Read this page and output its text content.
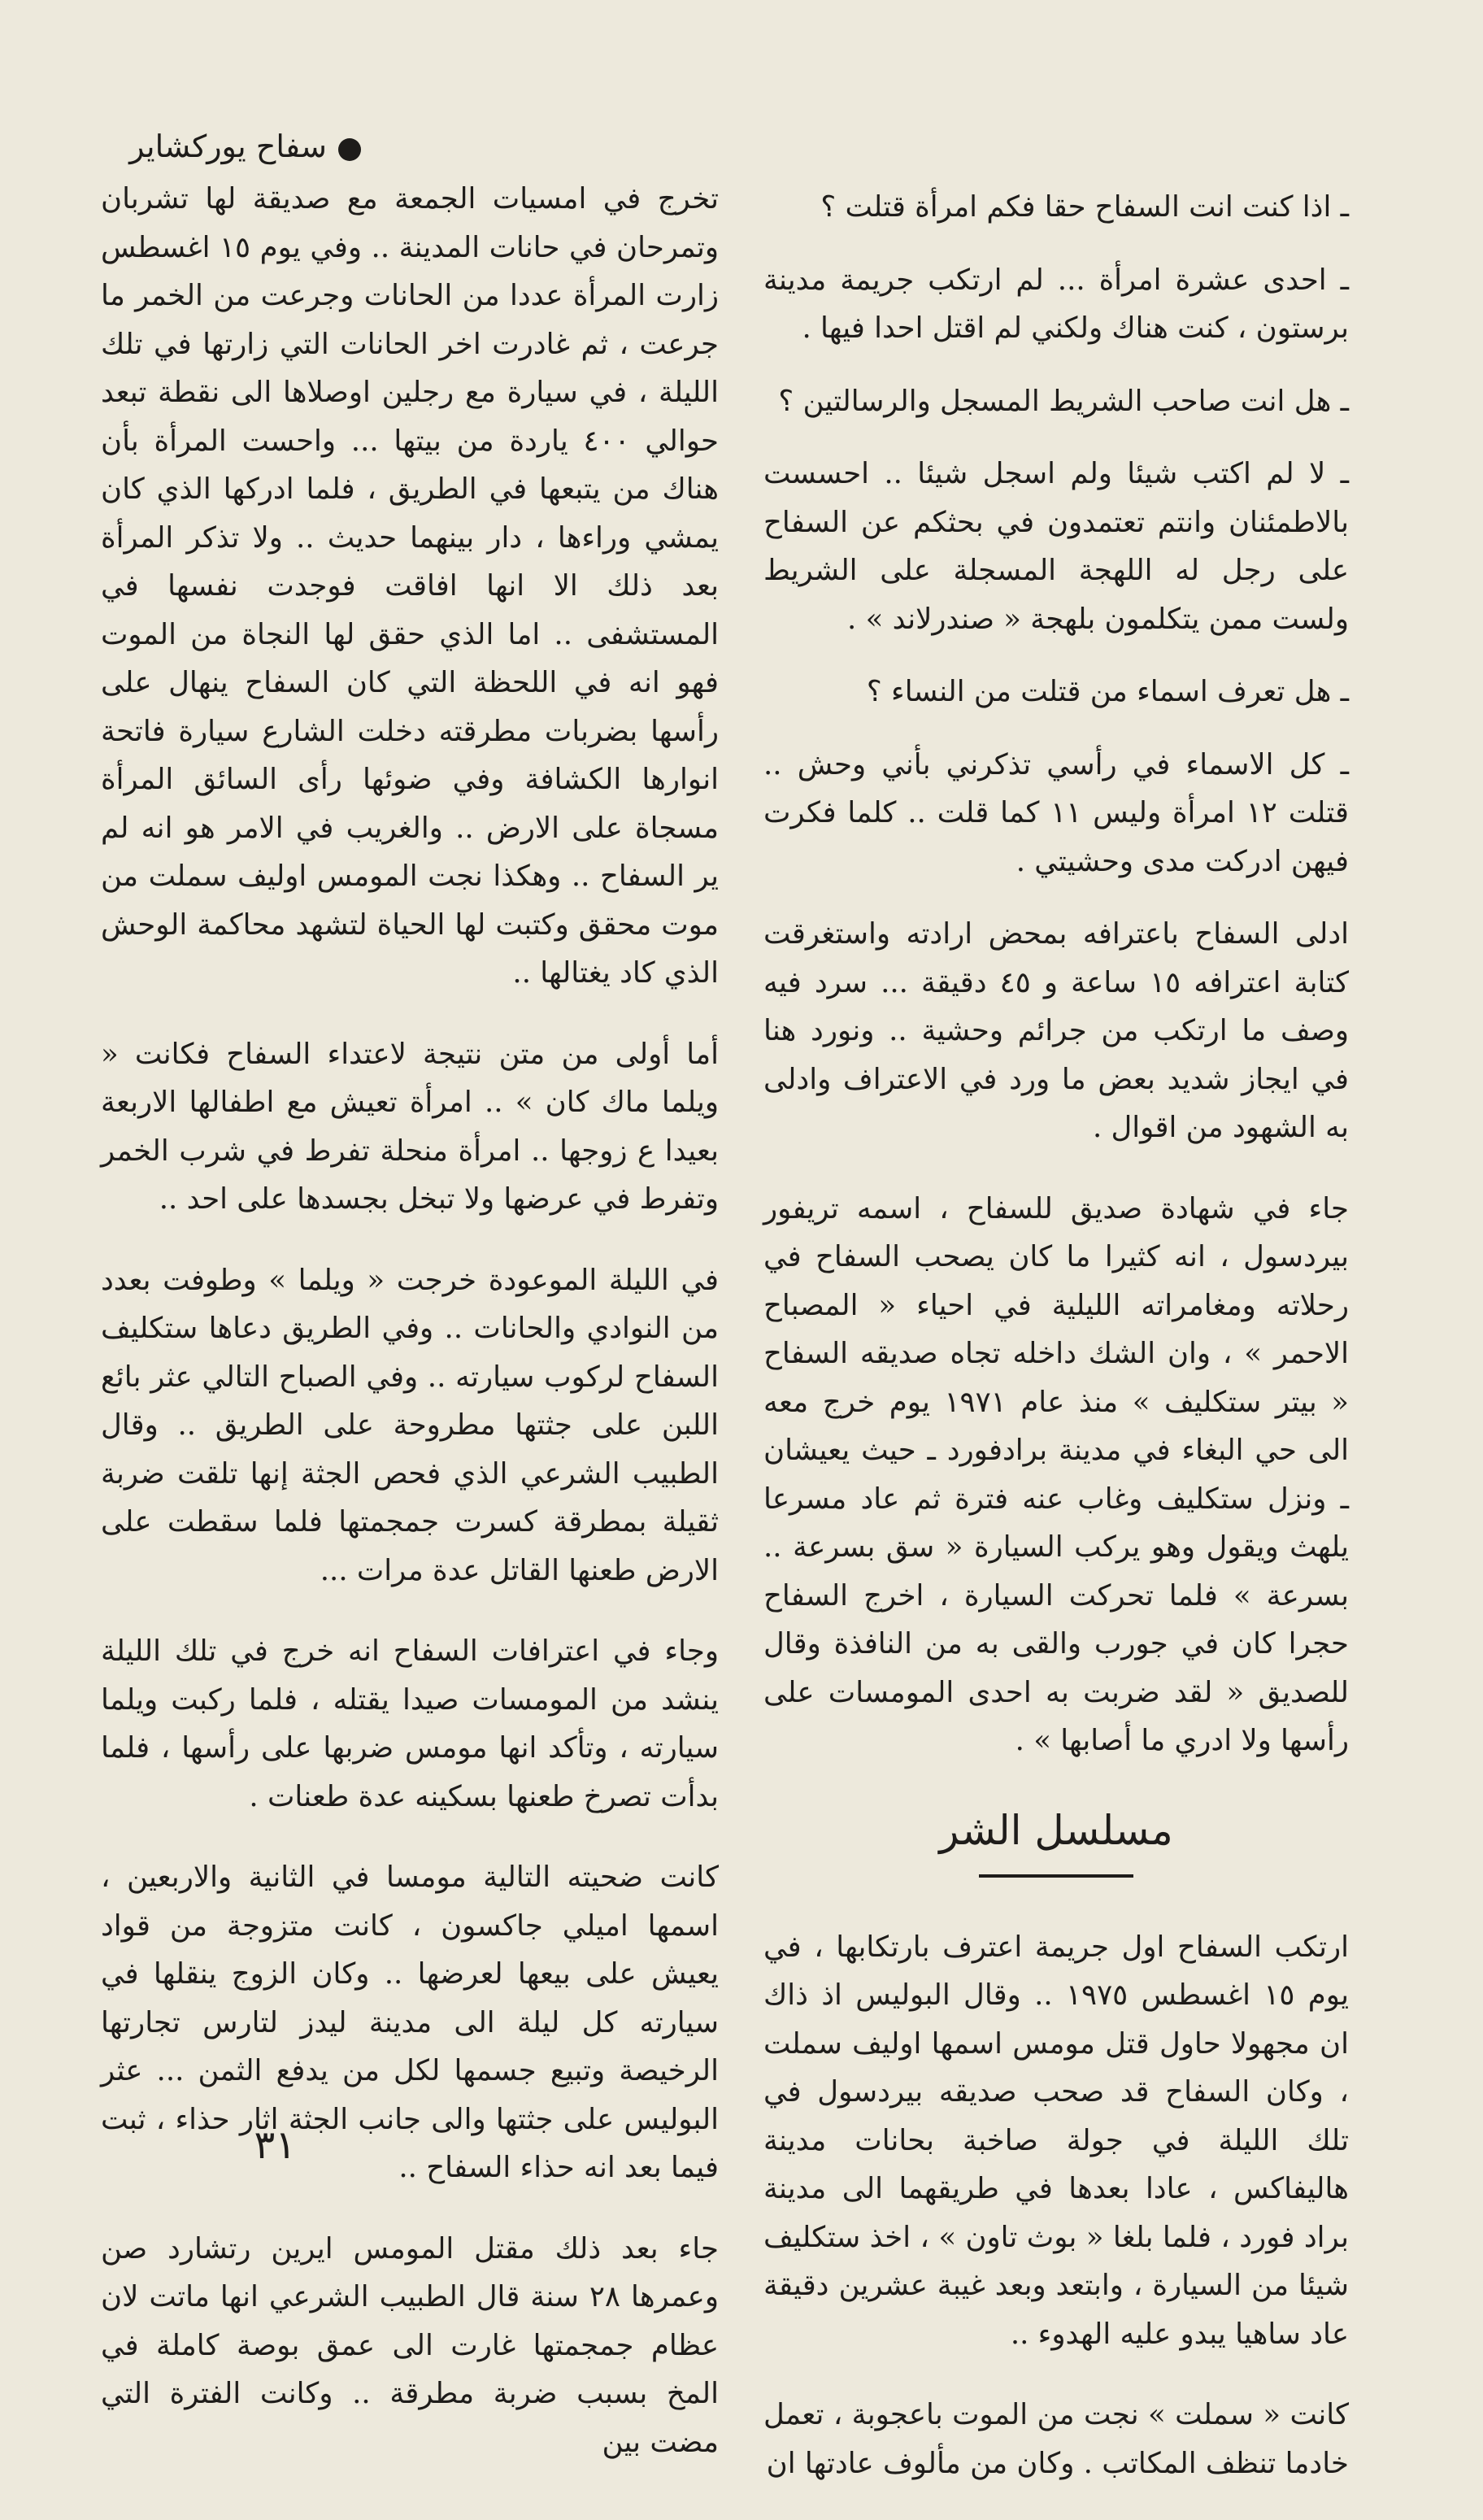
سفاح يوركشاير

ـ اذا كنت انت السفاح حقا فكم امرأة قتلت ؟

ـ احدى عشرة امرأة ... لم ارتكب جريمة مدينة برستون ، كنت هناك ولكني لم اقتل احدا فيها .

ـ هل انت صاحب الشريط المسجل والرسالتين ؟

ـ لا لم اكتب شيئا ولم اسجل شيئا .. احسست بالاطمئنان وانتم تعتمدون في بحثكم عن السفاح على رجل له اللهجة المسجلة على الشريط ولست ممن يتكلمون بلهجة « صندرلاند » .

ـ هل تعرف اسماء من قتلت من النساء ؟

ـ كل الاسماء في رأسي تذكرني بأني وحش .. قتلت ١٢ امرأة وليس ١١ كما قلت .. كلما فكرت فيهن ادركت مدى وحشيتي .

ادلى السفاح باعترافه بمحض ارادته واستغرقت كتابة اعترافه ١٥ ساعة و ٤٥ دقيقة ... سرد فيه وصف ما ارتكب من جرائم وحشية .. ونورد هنا في ايجاز شديد بعض ما ورد في الاعتراف وادلى به الشهود من اقوال .

جاء في شهادة صديق للسفاح ، اسمه تريفور بيردسول ، انه كثيرا ما كان يصحب السفاح في رحلاته ومغامراته الليلية في احياء « المصباح الاحمر » ، وان الشك داخله تجاه صديقه السفاح « بيتر ستكليف » منذ عام ١٩٧١ يوم خرج معه الى حي البغاء في مدينة برادفورد ـ حيث يعيشان ـ ونزل ستكليف وغاب عنه فترة ثم عاد مسرعا يلهث ويقول وهو يركب السيارة « سق بسرعة .. بسرعة » فلما تحركت السيارة ، اخرج السفاح حجرا كان في جورب والقى به من النافذة وقال للصديق « لقد ضربت به احدى المومسات على رأسها ولا ادري ما أصابها » .

مسلسل الشر

ارتكب السفاح اول جريمة اعترف بارتكابها ، في يوم ١٥ اغسطس ١٩٧٥ .. وقال البوليس اذ ذاك ان مجهولا حاول قتل مومس اسمها اوليف سملت ، وكان السفاح قد صحب صديقه بيردسول في تلك الليلة في جولة صاخبة بحانات مدينة هاليفاكس ، عادا بعدها في طريقهما الى مدينة براد فورد ، فلما بلغا « بوث تاون » ، اخذ ستكليف شيئا من السيارة ، وابتعد وبعد غيبة عشرين دقيقة عاد ساهيا يبدو عليه الهدوء ..

كانت « سملت » نجت من الموت باعجوبة ، تعمل خادما تنظف المكاتب . وكان من مألوف عادتها ان

تخرج في امسيات الجمعة مع صديقة لها تشربان وتمرحان في حانات المدينة .. وفي يوم ١٥ اغسطس زارت المرأة عددا من الحانات وجرعت من الخمر ما جرعت ، ثم غادرت اخر الحانات التي زارتها في تلك الليلة ، في سيارة مع رجلين اوصلاها الى نقطة تبعد حوالي ٤٠٠ ياردة من بيتها ... واحست المرأة بأن هناك من يتبعها في الطريق ، فلما ادركها الذي كان يمشي وراءها ، دار بينهما حديث .. ولا تذكر المرأة بعد ذلك الا انها افاقت فوجدت نفسها في المستشفى .. اما الذي حقق لها النجاة من الموت فهو انه في اللحظة التي كان السفاح ينهال على رأسها بضربات مطرقته دخلت الشارع سيارة فاتحة انوارها الكشافة وفي ضوئها رأى السائق المرأة مسجاة على الارض .. والغريب في الامر هو انه لم ير السفاح .. وهكذا نجت المومس اوليف سملت من موت محقق وكتبت لها الحياة لتشهد محاكمة الوحش الذي كاد يغتالها ..

أما أولى من متن نتيجة لاعتداء السفاح فكانت « ويلما ماك كان » .. امرأة تعيش مع اطفالها الاربعة بعيدا ع زوجها .. امرأة منحلة تفرط في شرب الخمر وتفرط في عرضها ولا تبخل بجسدها على احد ..

في الليلة الموعودة خرجت « ويلما » وطوفت بعدد من النوادي والحانات .. وفي الطريق دعاها ستكليف السفاح لركوب سيارته .. وفي الصباح التالي عثر بائع اللبن على جثتها مطروحة على الطريق .. وقال الطبيب الشرعي الذي فحص الجثة إنها تلقت ضربة ثقيلة بمطرقة كسرت جمجمتها فلما سقطت على الارض طعنها القاتل عدة مرات ...

وجاء في اعترافات السفاح انه خرج في تلك الليلة ينشد من المومسات صيدا يقتله ، فلما ركبت ويلما سيارته ، وتأكد انها مومس ضربها على رأسها ، فلما بدأت تصرخ طعنها بسكينه عدة طعنات .

كانت ضحيته التالية مومسا في الثانية والاربعين ، اسمها اميلي جاكسون ، كانت متزوجة من قواد يعيش على بيعها لعرضها .. وكان الزوج ينقلها في سيارته كل ليلة الى مدينة ليدز لتارس تجارتها الرخيصة وتبيع جسمها لكل من يدفع الثمن ... عثر البوليس على جثتها والى جانب الجثة اثار حذاء ، ثبت فيما بعد انه حذاء السفاح ..

جاء بعد ذلك مقتل المومس ايرين رتشارد صن وعمرها ٢٨ سنة قال الطبيب الشرعي انها ماتت لان عظام جمجمتها غارت الى عمق بوصة كاملة في المخ بسبب ضربة مطرقة .. وكانت الفترة التي مضت بين

٣١
